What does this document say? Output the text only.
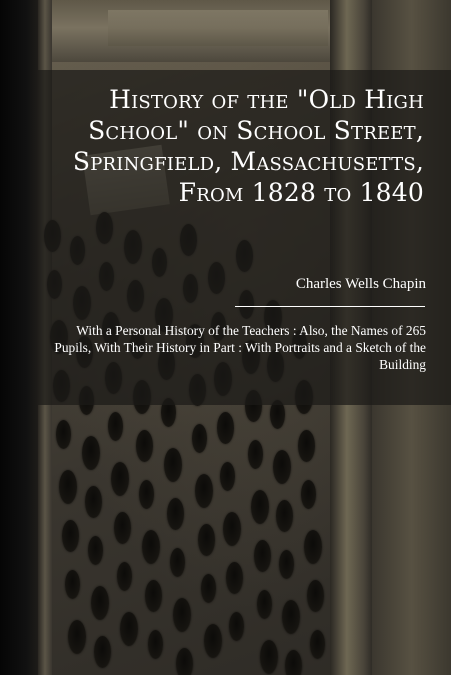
History of the "Old High School" on School Street, Springfield, Massachusetts, From 1828 to 1840

Charles Wells Chapin

With a Personal History of the Teachers : Also, the Names of 265 Pupils, With Their History in Part : With Portraits and a Sketch of the Building
